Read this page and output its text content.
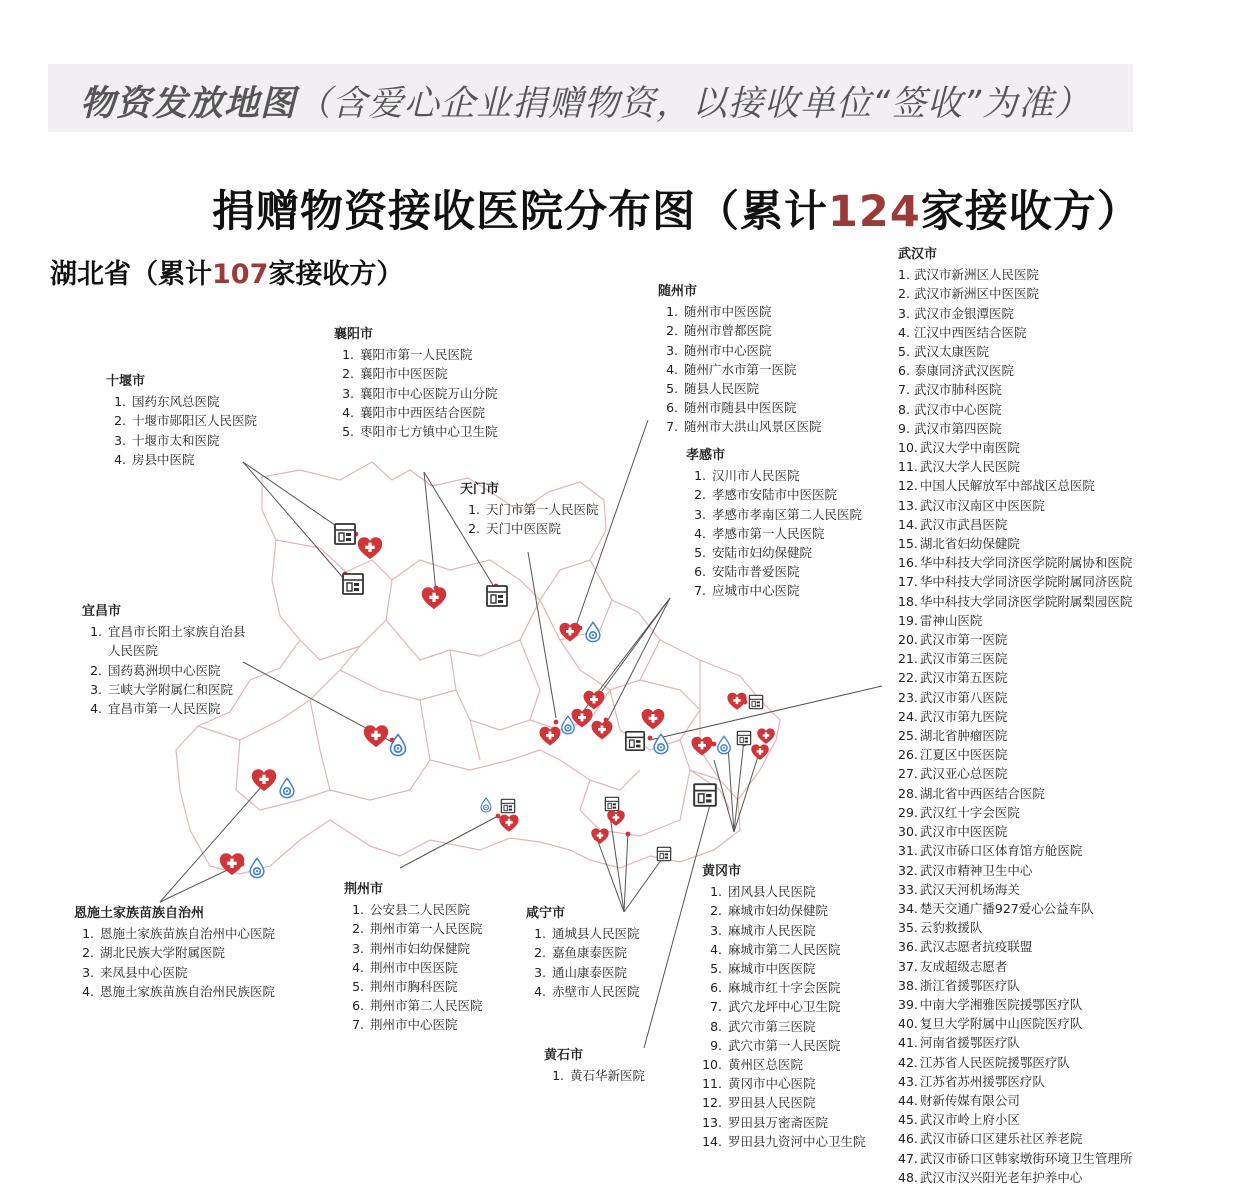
物资发放地图（含爱心企业捐赠物资，以接收单位“签收”为准）
捐赠物资接收医院分布图（累计124家接收方）
湖北省（累计107家接收方）
十堰市
1. 国药东风总医院
2. 十堰市郧阳区人民医院
3. 十堰市太和医院
4. 房县中医院
襄阳市
1. 襄阳市第一人民医院
2. 襄阳市中医医院
3. 襄阳市中心医院万山分院
4. 襄阳市中西医结合医院
5. 枣阳市七方镇中心卫生院
随州市
1. 随州市中医医院
2. 随州市曾都医院
3. 随州市中心医院
4. 随州广水市第一医院
5. 随县人民医院
6. 随州市随县中医医院
7. 随州市大洪山风景区医院
天门市
1. 天门市第一人民医院
2. 天门中医医院
孝感市
1. 汉川市人民医院
2. 孝感市安陆市中医医院
3. 孝感市孝南区第二人民医院
4. 孝感市第一人民医院
5. 安陆市妇幼保健院
6. 安陆市普爱医院
7. 应城市中心医院
宜昌市
1. 宜昌市长阳土家族自治县
人民医院
2. 国药葛洲坝中心医院
3. 三峡大学附属仁和医院
4. 宜昌市第一人民医院
恩施土家族苗族自治州
1. 恩施土家族苗族自治州中心医院
2. 湖北民族大学附属医院
3. 来凤县中心医院
4. 恩施土家族苗族自治州民族医院
荆州市
1. 公安县二人民医院
2. 荆州市第一人民医院
3. 荆州市妇幼保健院
4. 荆州市中医医院
5. 荆州市胸科医院
6. 荆州市第二人民医院
7. 荆州市中心医院
咸宁市
1. 通城县人民医院
2. 嘉鱼康泰医院
3. 通山康泰医院
4. 赤壁市人民医院
黄石市
1. 黄石华新医院
黄冈市
1. 团风县人民医院
2. 麻城市妇幼保健院
3. 麻城市人民医院
4. 麻城市第二人民医院
5. 麻城市中医医院
6. 麻城市红十字会医院
7. 武穴龙坪中心卫生院
8. 武穴市第三医院
9. 武穴市第一人民医院
10. 黄州区总医院
11. 黄冈市中心医院
12. 罗田县人民医院
13. 罗田县万密斋医院
14. 罗田县九资河中心卫生院
武汉市
1. 武汉市新洲区人民医院
2. 武汉市新洲区中医医院
3. 武汉市金银潭医院
4. 江汉中西医结合医院
5. 武汉太康医院
6. 泰康同济武汉医院
7. 武汉市肺科医院
8. 武汉市中心医院
9. 武汉市第四医院
10. 武汉大学中南医院
11. 武汉大学人民医院
12. 中国人民解放军中部战区总医院
13. 武汉市汉南区中医医院
14. 武汉市武昌医院
15. 湖北省妇幼保健院
16. 华中科技大学同济医学院附属协和医院
17. 华中科技大学同济医学院附属同济医院
18. 华中科技大学同济医学院附属梨园医院
19. 雷神山医院
20. 武汉市第一医院
21. 武汉市第三医院
22. 武汉市第五医院
23. 武汉市第八医院
24. 武汉市第九医院
25. 湖北省肿瘤医院
26. 江夏区中医医院
27. 武汉亚心总医院
28. 湖北省中西医结合医院
29. 武汉红十字会医院
30. 武汉市中医医院
31. 武汉市硚口区体育馆方舱医院
32. 武汉市精神卫生中心
33. 武汉天河机场海关
34. 楚天交通广播927爱心公益车队
35. 云豹救援队
36. 武汉志愿者抗疫联盟
37. 友成超级志愿者
38. 浙江省援鄂医疗队
39. 中南大学湘雅医院援鄂医疗队
40. 复旦大学附属中山医院医疗队
41. 河南省援鄂医疗队
42. 江苏省人民医院援鄂医疗队
43. 江苏省苏州援鄂医疗队
44. 财新传媒有限公司
45. 武汉市岭上府小区
46. 武汉市硚口区建乐社区养老院
47. 武汉市硚口区韩家墩街环境卫生管理所
48. 武汉市汉兴阳光老年护养中心
